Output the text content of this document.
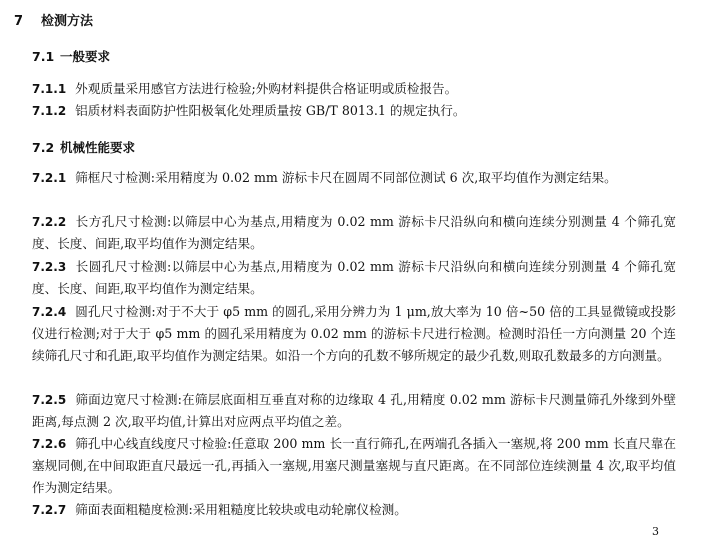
7 检测方法
7.1 一般要求
7.1.1 外观质量采用感官方法进行检验;外购材料提供合格证明或质检报告。
7.1.2 铝质材料表面防护性阳极氧化处理质量按 GB/T 8013.1 的规定执行。
7.2 机械性能要求
7.2.1 筛框尺寸检测:采用精度为 0.02 mm 游标卡尺在圆周不同部位测试 6 次,取平均值作为测定结果。
7.2.2 长方孔尺寸检测:以筛层中心为基点,用精度为 0.02 mm 游标卡尺沿纵向和横向连续分别测量 4 个筛孔宽度、长度、间距,取平均值作为测定结果。
7.2.3 长圆孔尺寸检测:以筛层中心为基点,用精度为 0.02 mm 游标卡尺沿纵向和横向连续分别测量 4 个筛孔宽度、长度、间距,取平均值作为测定结果。
7.2.4 圆孔尺寸检测:对于不大于 φ5 mm 的圆孔,采用分辨力为 1 μm,放大率为 10 倍~50 倍的工具显微镜或投影仪进行检测;对于大于 φ5 mm 的圆孔采用精度为 0.02 mm 的游标卡尺进行检测。检测时沿任一方向测量 20 个连续筛孔尺寸和孔距,取平均值作为测定结果。如沿一个方向的孔数不够所规定的最少孔数,则取孔数最多的方向测量。
7.2.5 筛面边宽尺寸检测:在筛层底面相互垂直对称的边缘取 4 孔,用精度 0.02 mm 游标卡尺测量筛孔外缘到外壁距离,每点测 2 次,取平均值,计算出对应两点平均值之差。
7.2.6 筛孔中心线直线度尺寸检验:任意取 200 mm 长一直行筛孔,在两端孔各插入一塞规,将 200 mm 长直尺靠在塞规同侧,在中间取距直尺最远一孔,再插入一塞规,用塞尺测量塞规与直尺距离。在不同部位连续测量 4 次,取平均值作为测定结果。
7.2.7 筛面表面粗糙度检测:采用粗糙度比较块或电动轮廓仪检测。
3
